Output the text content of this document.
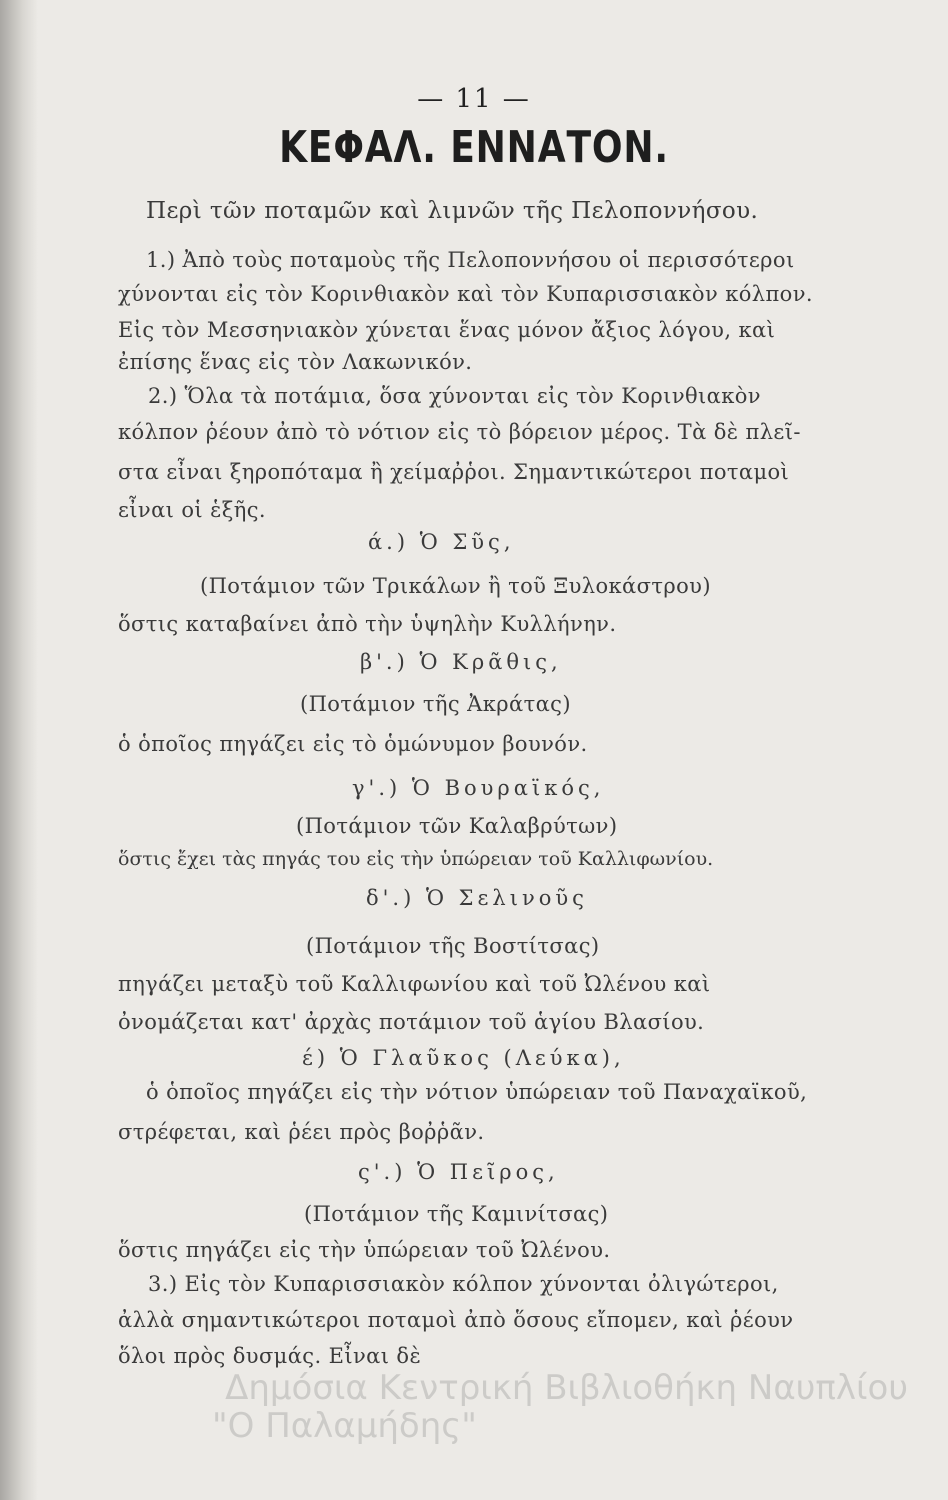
— 11 —
ΚΕΦΑΛ. ΕΝΝΑΤΟΝ.
Περὶ τῶν ποταμῶν καὶ λιμνῶν τῆς Πελοποννήσου.
1.) Ἀπὸ τοὺς ποταμοὺς τῆς Πελοποννήσου οἱ περισσότεροι
χύνονται εἰς τὸν Κορινθιακὸν καὶ τὸν Κυπαρισσιακὸν κόλπον.
Εἰς τὸν Μεσσηνιακὸν χύνεται ἕνας μόνον ἄξιος λόγου, καὶ
ἐπίσης ἕνας εἰς τὸν Λακωνικόν.
2.) Ὅλα τὰ ποτάμια, ὅσα χύνονται εἰς τὸν Κορινθιακὸν
κόλπον ῥέουν ἀπὸ τὸ νότιον εἰς τὸ βόρειον μέρος. Τὰ δὲ πλεῖ-
στα εἶναι ξηροπόταμα ἢ χείμαῤῥοι. Σημαντικώτεροι ποταμοὶ
εἶναι οἱ ἑξῆς.
ά.) Ὁ Σῦς,
(Ποτάμιον τῶν Τρικάλων ἢ τοῦ Ξυλοκάστρου)
ὅστις καταβαίνει ἀπὸ τὴν ὑψηλὴν Κυλλήνην.
β'.) Ὁ Κρᾶθις,
(Ποτάμιον τῆς Ἀκράτας)
ὁ ὁποῖος πηγάζει εἰς τὸ ὁμώνυμον βουνόν.
γ'.) Ὁ Βουραϊκός,
(Ποτάμιον τῶν Καλαβρύτων)
ὅστις ἔχει τὰς πηγάς του εἰς τὴν ὑπώρειαν τοῦ Καλλιφωνίου.
δ'.) Ὁ Σελινοῦς
(Ποτάμιον τῆς Βοστίτσας)
πηγάζει μεταξὺ τοῦ Καλλιφωνίου καὶ τοῦ Ὠλένου καὶ
ὀνομάζεται κατ' ἀρχὰς ποτάμιον τοῦ ἁγίου Βλασίου.
έ) Ὁ Γλαῦκος (Λεύκα),
ὁ ὁποῖος πηγάζει εἰς τὴν νότιον ὑπώρειαν τοῦ Παναχαϊκοῦ,
στρέφεται, καὶ ῥέει πρὸς βοῤῥᾶν.
ς'.) Ὁ Πεῖρος,
(Ποτάμιον τῆς Καμινίτσας)
ὅστις πηγάζει εἰς τὴν ὑπώρειαν τοῦ Ὠλένου.
3.) Εἰς τὸν Κυπαρισσιακὸν κόλπον χύνονται ὀλιγώτεροι,
ἀλλὰ σημαντικώτεροι ποταμοὶ ἀπὸ ὅσους εἴπομεν, καὶ ῥέουν
ὅλοι πρὸς δυσμάς. Εἶναι δὲ
Δημόσια Κεντρική Βιβλιοθήκη Ναυπλίου
"Ο Παλαμήδης"
